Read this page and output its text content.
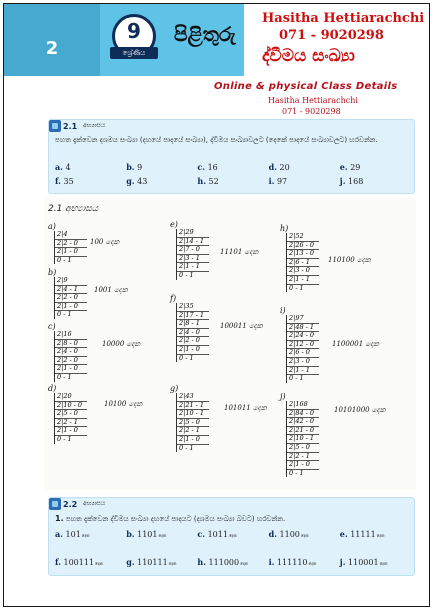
2
9
ශ්‍රේණිය
පිළිතුරු
Hasitha Hettiarachchi
071 - 9020298
ද්වීමය සංඛ්‍යා
Online & physical Class Details
Hasitha Hettiarachchi
071 - 9020298
2.1 අභ්‍යාසය
පහත දැක්වෙන දශමය සංඛ්‍යා (දහයේ පාදයේ සංඛ්‍යා), ද්වීමය සංඛ්‍යාවලට (දෙකේ පාදයේ සංඛ්‍යාවලට) හරවන්න.
a. 4	b. 9	c. 16	d. 20	e. 29
f. 35	g. 43	h. 52	i. 97	j. 168
2.1 අභ්‍යාසය
a)
2|4
2|2 - 0
2|1 - 0
0 - 1
100 දෙක
b)
2|9
2|4 - 1
2|2 - 0
2|1 - 0
0 - 1
1001 දෙක
c)
2|16
2|8 - 0
2|4 - 0
2|2 - 0
2|1 - 0
0 - 1
10000 දෙක
d)
2|20
2|10 - 0
2|5 - 0
2|2 - 1
2|1 - 0
0 - 1
10100 දෙක
e)
2|29
2|14 - 1
2|7 - 0
2|3 - 1
2|1 - 1
0 - 1
11101 දෙක
f)
2|35
2|17 - 1
2|8 - 1
2|4 - 0
2|2 - 0
2|1 - 0
0 - 1
100011 දෙක
g)
2|43
2|21 - 1
2|10 - 1
2|5 - 0
2|2 - 1
2|1 - 0
0 - 1
101011 දෙක
h)
2|52
2|26 - 0
2|13 - 0
2|6 - 1
2|3 - 0
2|1 - 1
0 - 1
110100 දෙක
i)
2|97
2|48 - 1
2|24 - 0
2|12 - 0
2|6 - 0
2|3 - 0
2|1 - 1
0 - 1
1100001 දෙක
j)
2|168
2|84 - 0
2|42 - 0
2|21 - 0
2|10 - 1
2|5 - 0
2|2 - 1
2|1 - 0
0 - 1
10101000 දෙක
2.2 අභ්‍යාසය
1. පහත දැක්වෙන ද්වීමය සංඛ්‍යා දහයේ පාදයට (දශමය සංඛ්‍යා බවට) හරවන්න.
a. 101දෙක	b. 1101දෙක	c. 1011දෙක	d. 1100දෙක	e. 11111දෙක
f. 100111දෙක	g. 110111දෙක	h. 111000දෙක	i. 111110දෙක	j. 110001දෙක
